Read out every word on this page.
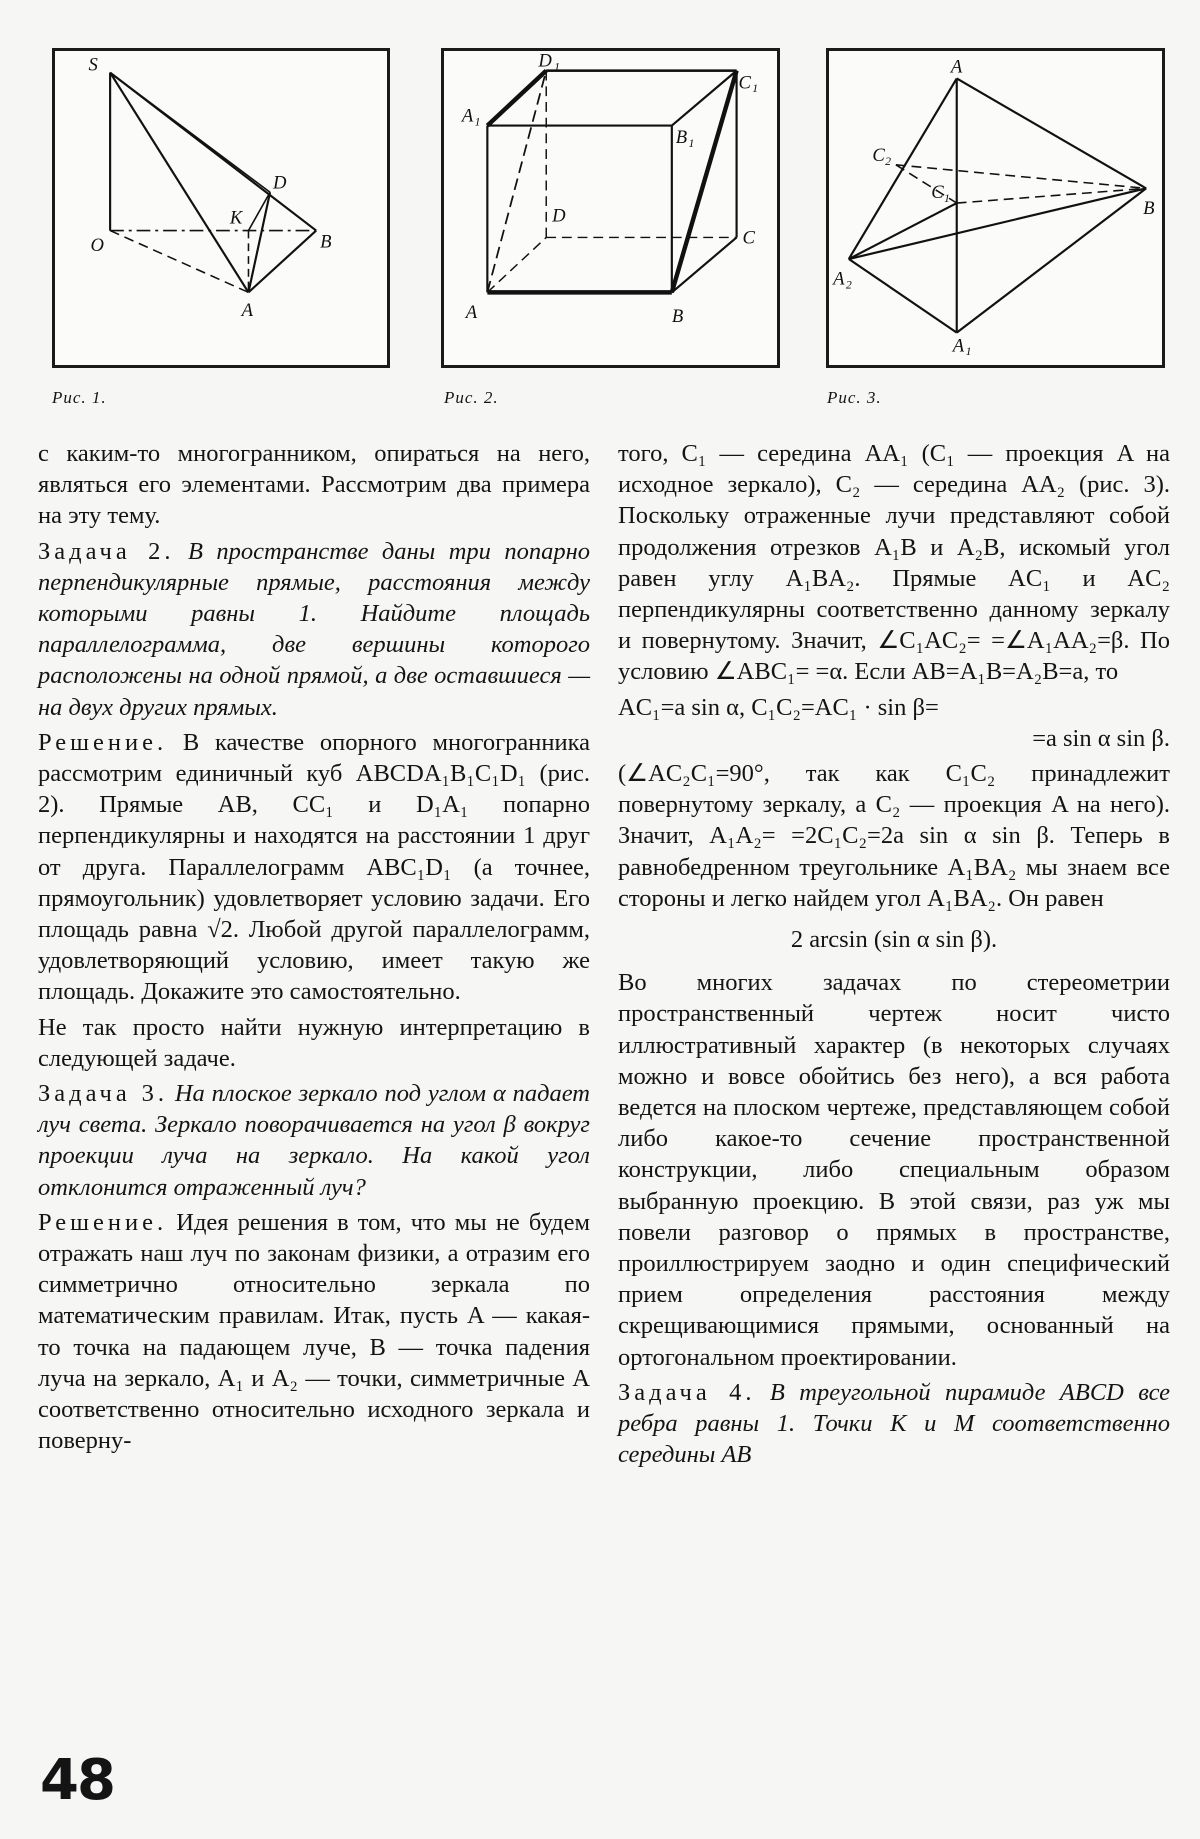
S
D
K
O	B
A
D 1
C 1
A 1
B 1
D
C
A	B
A
C 2
C 1	B
A 2
A 1
Рис. 1.	Рис. 2.	Рис. 3.

с каким-то многогранником, опираться на него, являться его элементами. Рассмотрим два примера на эту тему.

Задача 2. В пространстве даны три попарно перпендикулярные прямые, расстояния между которыми равны 1. Найдите площадь параллелограмма, две вершины которого расположены на одной прямой, а две оставшиеся — на двух других прямых.

Решение. В качестве опорного многогранника рассмотрим единичный куб ABCDA₁B₁C₁D₁ (рис. 2). Прямые AB, CC₁ и D₁A₁ попарно перпендикулярны и находятся на расстоянии 1 друг от друга. Параллелограмм ABC₁D₁ (а точнее, прямоугольник) удовлетворяет условию задачи. Его площадь равна √2. Любой другой параллелограмм, удовлетворяющий условию, имеет такую же площадь. Докажите это самостоятельно.

Не так просто найти нужную интерпретацию в следующей задаче.

Задача 3. На плоское зеркало под углом α падает луч света. Зеркало поворачивается на угол β вокруг проекции луча на зеркало. На какой угол отклонится отраженный луч?

Решение. Идея решения в том, что мы не будем отражать наш луч по законам физики, а отразим его симметрично относительно зеркала по математическим правилам. Итак, пусть A — какая-то точка на падающем луче, B — точка падения луча на зеркало, A₁ и A₂ — точки, симметричные A соответственно относительно исходного зеркала и поверну-

того, C₁ — середина AA₁ (C₁ — проекция A на исходное зеркало), C₂ — середина AA₂ (рис. 3). Поскольку отраженные лучи представляют собой продолжения отрезков A₁B и A₂B, искомый угол равен углу A₁BA₂. Прямые AC₁ и AC₂ перпендикулярны соответственно данному зеркалу и повернутому. Значит, ∠C₁AC₂= =∠A₁AA₂=β. По условию ∠ABC₁= =α. Если AB=A₁B=A₂B=a, то

AC₁=a sin α, C₁C₂=AC₁ · sin β=

=a sin α sin β.

(∠AC₂C₁=90°, так как C₁C₂ принадлежит повернутому зеркалу, а C₂ — проекция A на него). Значит, A₁A₂= =2C₁C₂=2a sin α sin β. Теперь в равнобедренном треугольнике A₁BA₂ мы знаем все стороны и легко найдем угол A₁BA₂. Он равен

2 arcsin (sin α sin β).

Во многих задачах по стереометрии пространственный чертеж носит чисто иллюстративный характер (в некоторых случаях можно и вовсе обойтись без него), а вся работа ведется на плоском чертеже, представляющем собой либо какое-то сечение пространственной конструкции, либо специальным образом выбранную проекцию. В этой связи, раз уж мы повели разговор о прямых в пространстве, проиллюстрируем заодно и один специфический прием определения расстояния между скрещивающимися прямыми, основанный на ортогональном проектировании.

Задача 4. В треугольной пирамиде ABCD все ребра равны 1. Точки K и M соответственно середины AB

48
